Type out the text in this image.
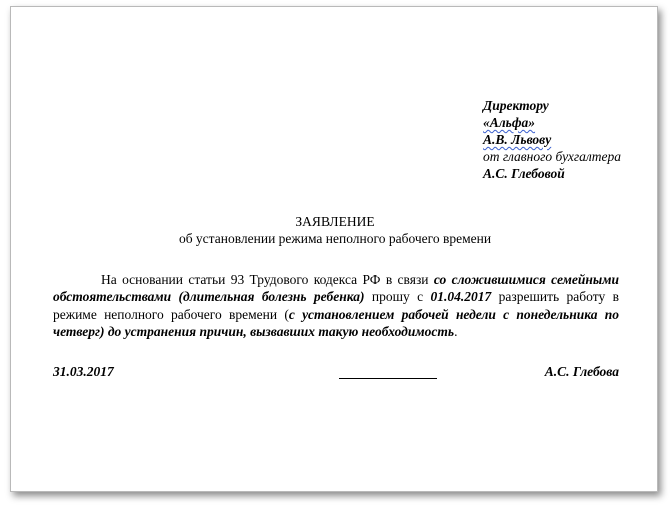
Директору
«Альфа»
А.В. Львову
от главного бухгалтера
А.С. Глебовой
ЗАЯВЛЕНИЕ
об установлении режима неполного рабочего времени
На основании статьи 93 Трудового кодекса РФ в связи со сложившимися семейными обстоятельствами (длительная болезнь ребенка) прошу с 01.04.2017 разрешить работу в режиме неполного рабочего времени (с установлением рабочей недели с понедельника по четверг) до устранения причин, вызвавших такую необходимость.
31.03.2017	А.С. Глебова
